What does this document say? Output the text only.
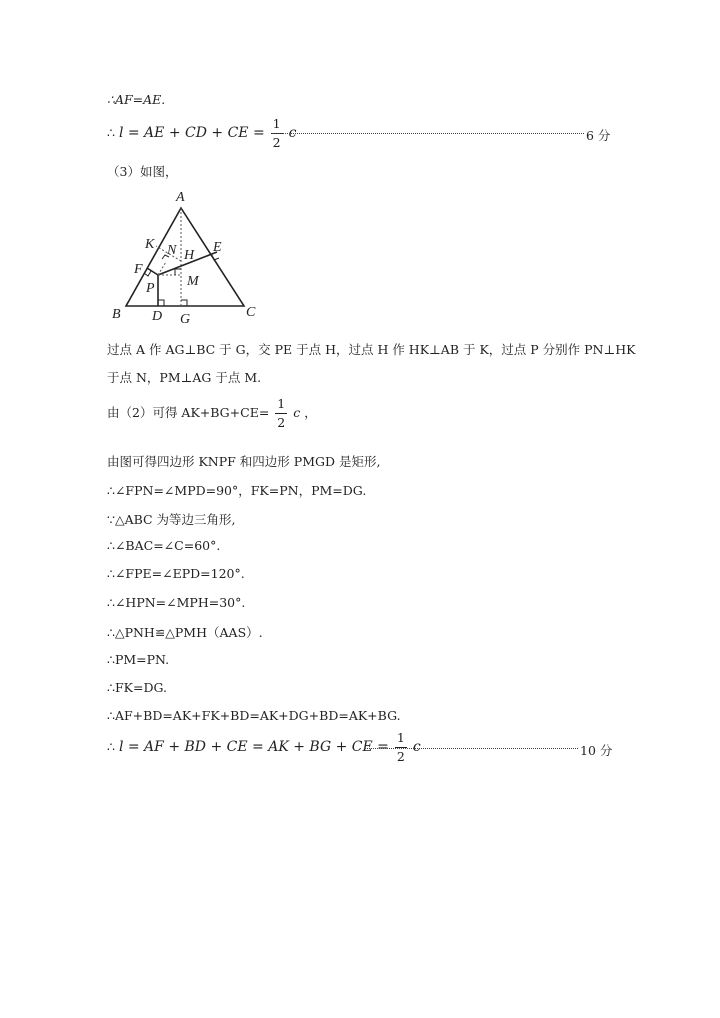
∴AF=AE.
∴ l = AE + CD + CE = $\frac{1}{2}$ c	6 分
（3）如图，
A
K N	E
H
F
M
P
B D G	C
过点 A 作 AG⊥BC 于 G，交 PE 于点 H，过点 H 作 HK⊥AB 于 K，过点 P 分别作 PN⊥HK
于点 N，PM⊥AG 于点 M.
由（2）可得 $AK+BG+CE= \frac{1}{2}$ c ，
由图可得四边形 KNPF 和四边形 PMGD 是矩形,
∴∠FPN=∠MPD=90°，FK=PN，PM=DG.
∵△ABC 为等边三角形,
∴∠BAC=∠C=60°.
∴∠FPE=∠EPD=120°.
∴∠HPN=∠MPH=30°.
∴△PNH≌△PMH（AAS）.
∴PM=PN.
∴FK=DG.
∴AF+BD=AK+FK+BD=AK+DG+BD=AK+BG.
∴ l = AF + BD + CE = AK + BG + CE = $\frac{1}{2}$ c	10 分
